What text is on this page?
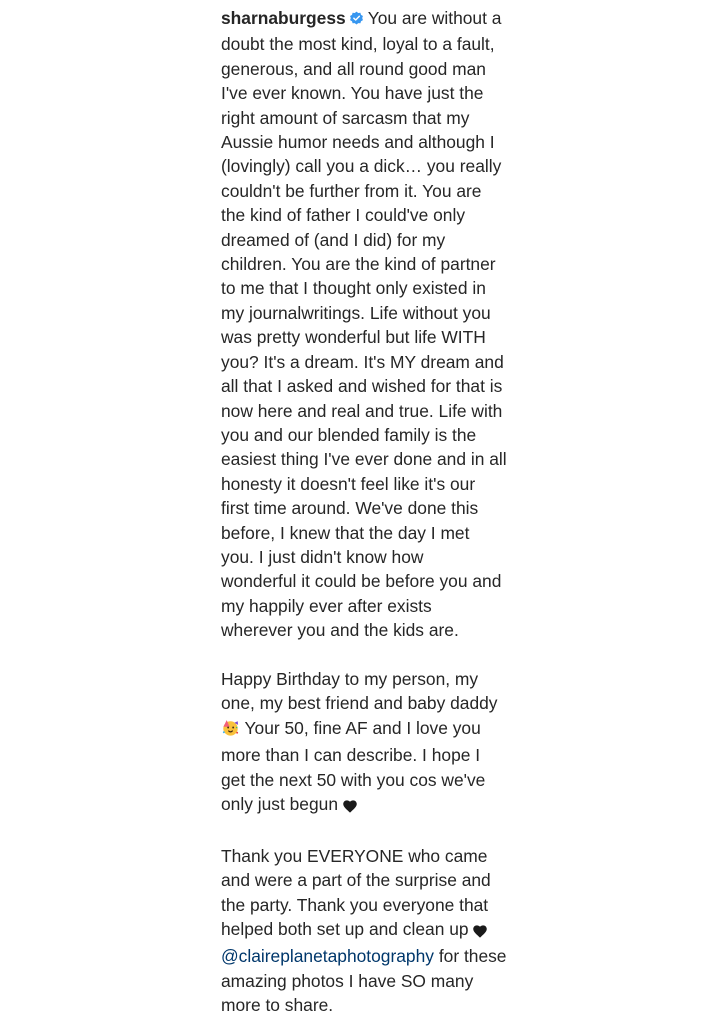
sharnaburgess You are without a
doubt the most kind, loyal to a fault,
generous, and all round good man
I've ever known. You have just the
right amount of sarcasm that my
Aussie humor needs and although I
(lovingly) call you a dick… you really
couldn't be further from it. You are
the kind of father I could've only
dreamed of (and I did) for my
children. You are the kind of partner
to me that I thought only existed in
my journalwritings. Life without you
was pretty wonderful but life WITH
you? It's a dream. It's MY dream and
all that I asked and wished for that is
now here and real and true. Life with
you and our blended family is the
easiest thing I've ever done and in all
honesty it doesn't feel like it's our
first time around. We've done this
before, I knew that the day I met
you. I just didn't know how
wonderful it could be before you and
my happily ever after exists
wherever you and the kids are.

Happy Birthday to my person, my
one, my best friend and baby daddy
Your 50, fine AF and I love you
more than I can describe. I hope I
get the next 50 with you cos we've
only just begun

Thank you EVERYONE who came
and were a part of the surprise and
the party. Thank you everyone that
helped both set up and clean up
@claireplanetaphotography for these
amazing photos I have SO many
more to share.
